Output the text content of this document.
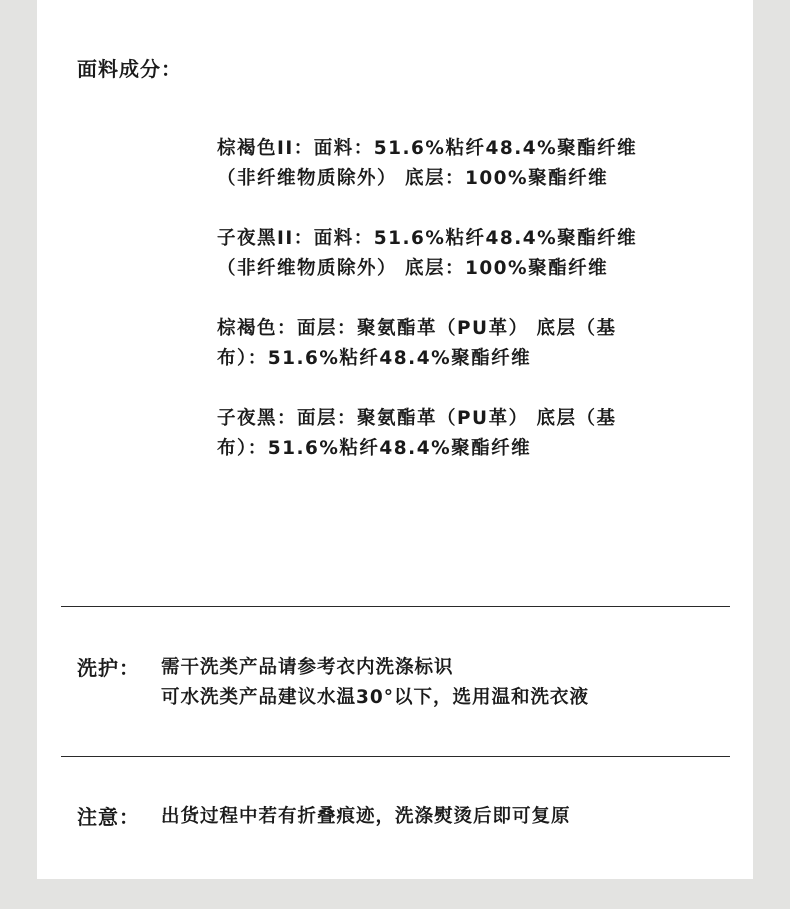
面料成分：
棕褐色II：面料：51.6%粘纤48.4%聚酯纤维
（非纤维物质除外） 底层：100%聚酯纤维
子夜黑II：面料：51.6%粘纤48.4%聚酯纤维
（非纤维物质除外） 底层：100%聚酯纤维
棕褐色：面层：聚氨酯革（PU革） 底层（基
布）：51.6%粘纤48.4%聚酯纤维
子夜黑：面层：聚氨酯革（PU革） 底层（基
布）：51.6%粘纤48.4%聚酯纤维
洗护： 需干洗类产品请参考衣内洗涤标识
可水洗类产品建议水温30°以下，选用温和洗衣液
注意： 出货过程中若有折叠痕迹，洗涤熨烫后即可复原
